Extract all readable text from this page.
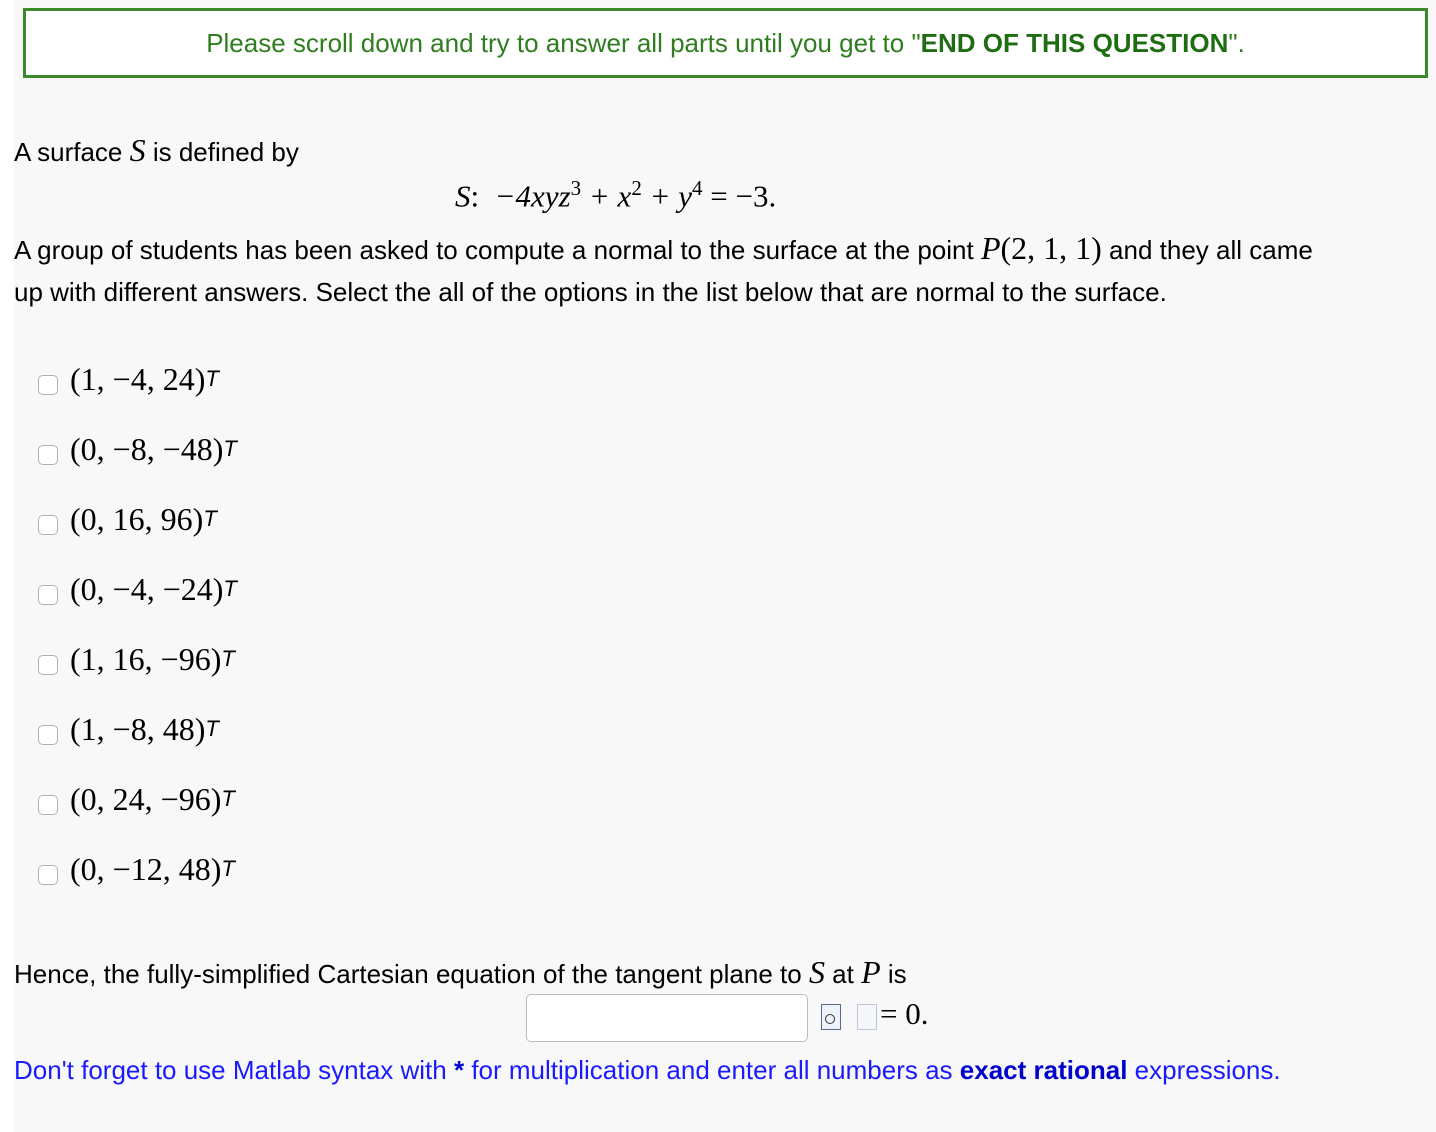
Please scroll down and try to answer all parts until you get to " END OF THIS QUESTION ".
A surface S is defined by
S: $-4xyz^3 + x^2 + y^4 = -3$.
A group of students has been asked to compute a normal to the surface at the point P(2, 1, 1) and they all came
up with different answers. Select the all of the options in the list below that are normal to the surface.
(1, −4, 24) T
(0, −8, −48) T
(0, 16, 96) T
(0, −4, −24) T
(1, 16, −96) T
(1, −8, 48) T
(0, 24, −96) T
(0, −12, 48) T
Hence, the fully-simplified Cartesian equation of the tangent plane to S at P is
= 0.
Don't forget to use Matlab syntax with * for multiplication and enter all numbers as exact rational expressions.
